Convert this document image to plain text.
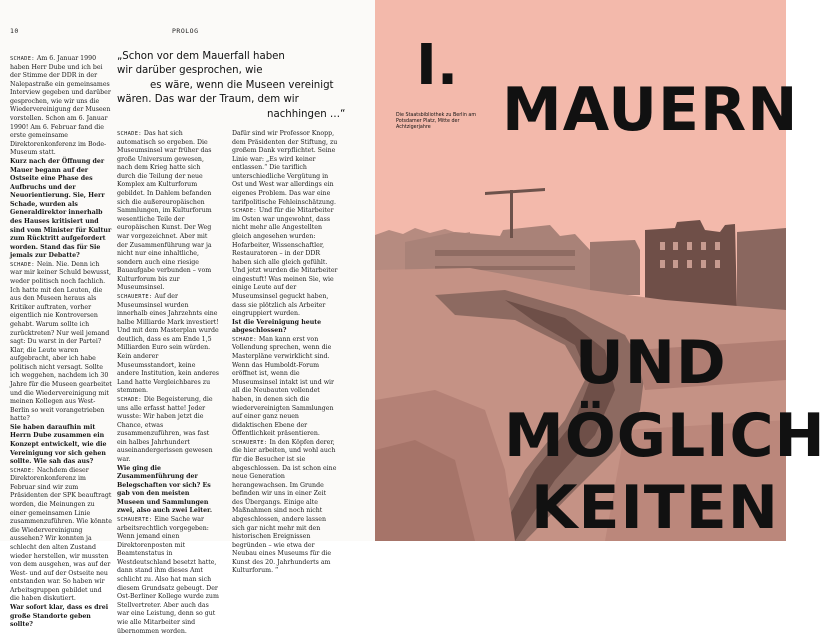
10	PROLOG
„Schon vor dem Mauerfall haben
wir darüber gesprochen, wie
es wäre, wenn die Museen vereinigt
wären. Das war der Traum, dem wir
nachhingen …“

SCHADE: Am 6. Januar 1990 haben Herr Dube und ich bei der Stimme der DDR in der Nalepastraße ein gemeinsames Interview gegeben und darüber gesprochen, wie wir uns die Wiedervereinigung der Museen vorstellen. Schon am 6. Januar 1990! Am 6. Februar fand die erste gemeinsame Direktorenkonferenz im Bode-Museum statt.

Kurz nach der Öffnung der Mauer begann auf der Ostseite eine Phase des Aufbruchs und der Neuorientierung. Sie, Herr Schade, wurden als Generaldirektor innerhalb des Hauses kritisiert und sind vom Minister für Kultur zum Rücktritt aufgefordert worden. Stand das für Sie jemals zur Debatte?

SCHADE: Nein. Nie. Denn ich war mir keiner Schuld bewusst, weder politisch noch fachlich. Ich hatte mit den Leuten, die aus den Museen heraus als Kritiker auftraten, vorher eigentlich nie Kontroversen gehabt. Warum sollte ich zurücktreten? Nur weil jemand sagt: Du warst in der Partei? Klar, die Leute waren aufgebracht, aber ich habe politisch nicht versagt. Sollte ich weggehen, nachdem ich 30 Jahre für die Museen gearbeitet und die Wiedervereinigung mit meinen Kollegen aus West-Berlin so weit vorangetrieben hatte?

Sie haben daraufhin mit Herrn Dube zusammen ein Konzept entwickelt, wie die Vereinigung vor sich gehen sollte. Wie sah das aus?

SCHADE: Nachdem dieser Direktorenkonferenz im Februar sind wir zum Präsidenten der SPK beauftragt worden, die Meinungen zu einer gemeinsamen Linie zusammenzuführen. Wie könnte die Wiedervereinigung aussehen? Wir konnten ja schlecht den alten Zustand wieder herstellen, wir mussten von dem ausgehen, was auf der West- und auf der Ostseite neu entstanden war. So haben wir Arbeitsgruppen gebildet und die haben diskutiert.

War sofort klar, dass es drei große Standorte geben sollte?

SCHADE: Das hat sich automatisch so ergeben. Die Museumsinsel war früher das große Universum gewesen, nach dem Krieg hatte sich durch die Teilung der neue Komplex am Kulturforum gebildet. In Dahlem befanden sich die außereuropäischen Sammlungen, im Kulturforum wesentliche Teile der europäischen Kunst. Der Weg war vorgezeichnet. Aber mit der Zusammenführung war ja nicht nur eine inhaltliche, sondern auch eine riesige Bauaufgabe verbunden – vom Kulturforum bis zur Museumsinsel.

SCHAUERTE: Auf der Museumsinsel wurden innerhalb eines Jahrzehnts eine halbe Milliarde Mark investiert! Und mit dem Masterplan wurde deutlich, dass es am Ende 1,5 Milliarden Euro sein würden. Kein anderer Museumsstandort, keine andere Institution, kein anderes Land hatte Vergleichbares zu stemmen.

SCHADE: Die Begeisterung, die uns alle erfasst hatte! Jeder wusste: Wir haben jetzt die Chance, etwas zusammenzuführen, was fast ein halbes Jahrhundert auseinandergerissen gewesen war.

Wie ging die Zusammenführung der Belegschaften vor sich? Es gab von den meisten Museen und Sammlungen zwei, also auch zwei Leiter.

SCHAUERTE: Eine Sache war arbeitsrechtlich vorgegeben: Wenn jemand einen Direktorenposten mit Beamtenstatus in Westdeutschland besetzt hatte, dann stand ihm dieses Amt schlicht zu. Also hat man sich diesem Grundsatz gebeugt. Der Ost-Berliner Kollege wurde zum Stellvertreter. Aber auch das war eine Leistung, denn so gut wie alle Mitarbeiter sind übernommen worden.

Dafür sind wir Professor Knopp, dem Präsidenten der Stiftung, zu großem Dank verpflichtet. Seine Linie war: „Es wird keiner entlassen.“ Die tariflich unterschiedliche Vergütung in Ost und West war allerdings ein eigenes Problem. Das war eine tarifpolitische Fehleinschätzung.

SCHADE: Und für die Mitarbeiter im Osten war ungewohnt, dass nicht mehr alle Angestellten gleich angesehen wurden: Hofarbeiter, Wissenschaftler, Restauratoren – in der DDR haben sich alle gleich gefühlt. Und jetzt wurden die Mitarbeiter eingestuft! Was meinen Sie, wie einige Leute auf der Museumsinsel geguckt haben, dass sie plötzlich als Arbeiter eingruppiert wurden.

Ist die Vereinigung heute abgeschlossen?

SCHADE: Man kann erst von Vollendung sprechen, wenn die Masterpläne verwirklicht sind. Wenn das Humboldt-Forum eröffnet ist, wenn die Museumsinsel intakt ist und wir all die Neubauten vollendet haben, in denen sich die wiedervereinigten Sammlungen auf einer ganz neuen didaktischen Ebene der Öffentlichkeit präsentieren.

SCHAUERTE: In den Köpfen derer, die hier arbeiten, und wohl auch für die Besucher ist sie abgeschlossen. Da ist schon eine neue Generation herangewachsen. Im Grunde befinden wir uns in einer Zeit des Übergangs. Einige alte Maßnahmen sind noch nicht abgeschlossen, andere lassen sich gar nicht mehr mit den historischen Ereignissen begründen – wie etwa der Neubau eines Museums für die Kunst des 20. Jahrhunderts am Kulturforum. ʺ

I.
Die Staatsbibliothek zu Berlin am Potsdamer Platz, Mitte der Achtzigerjahre	MAUERN
UND
MÖGLICH
KEITEN
